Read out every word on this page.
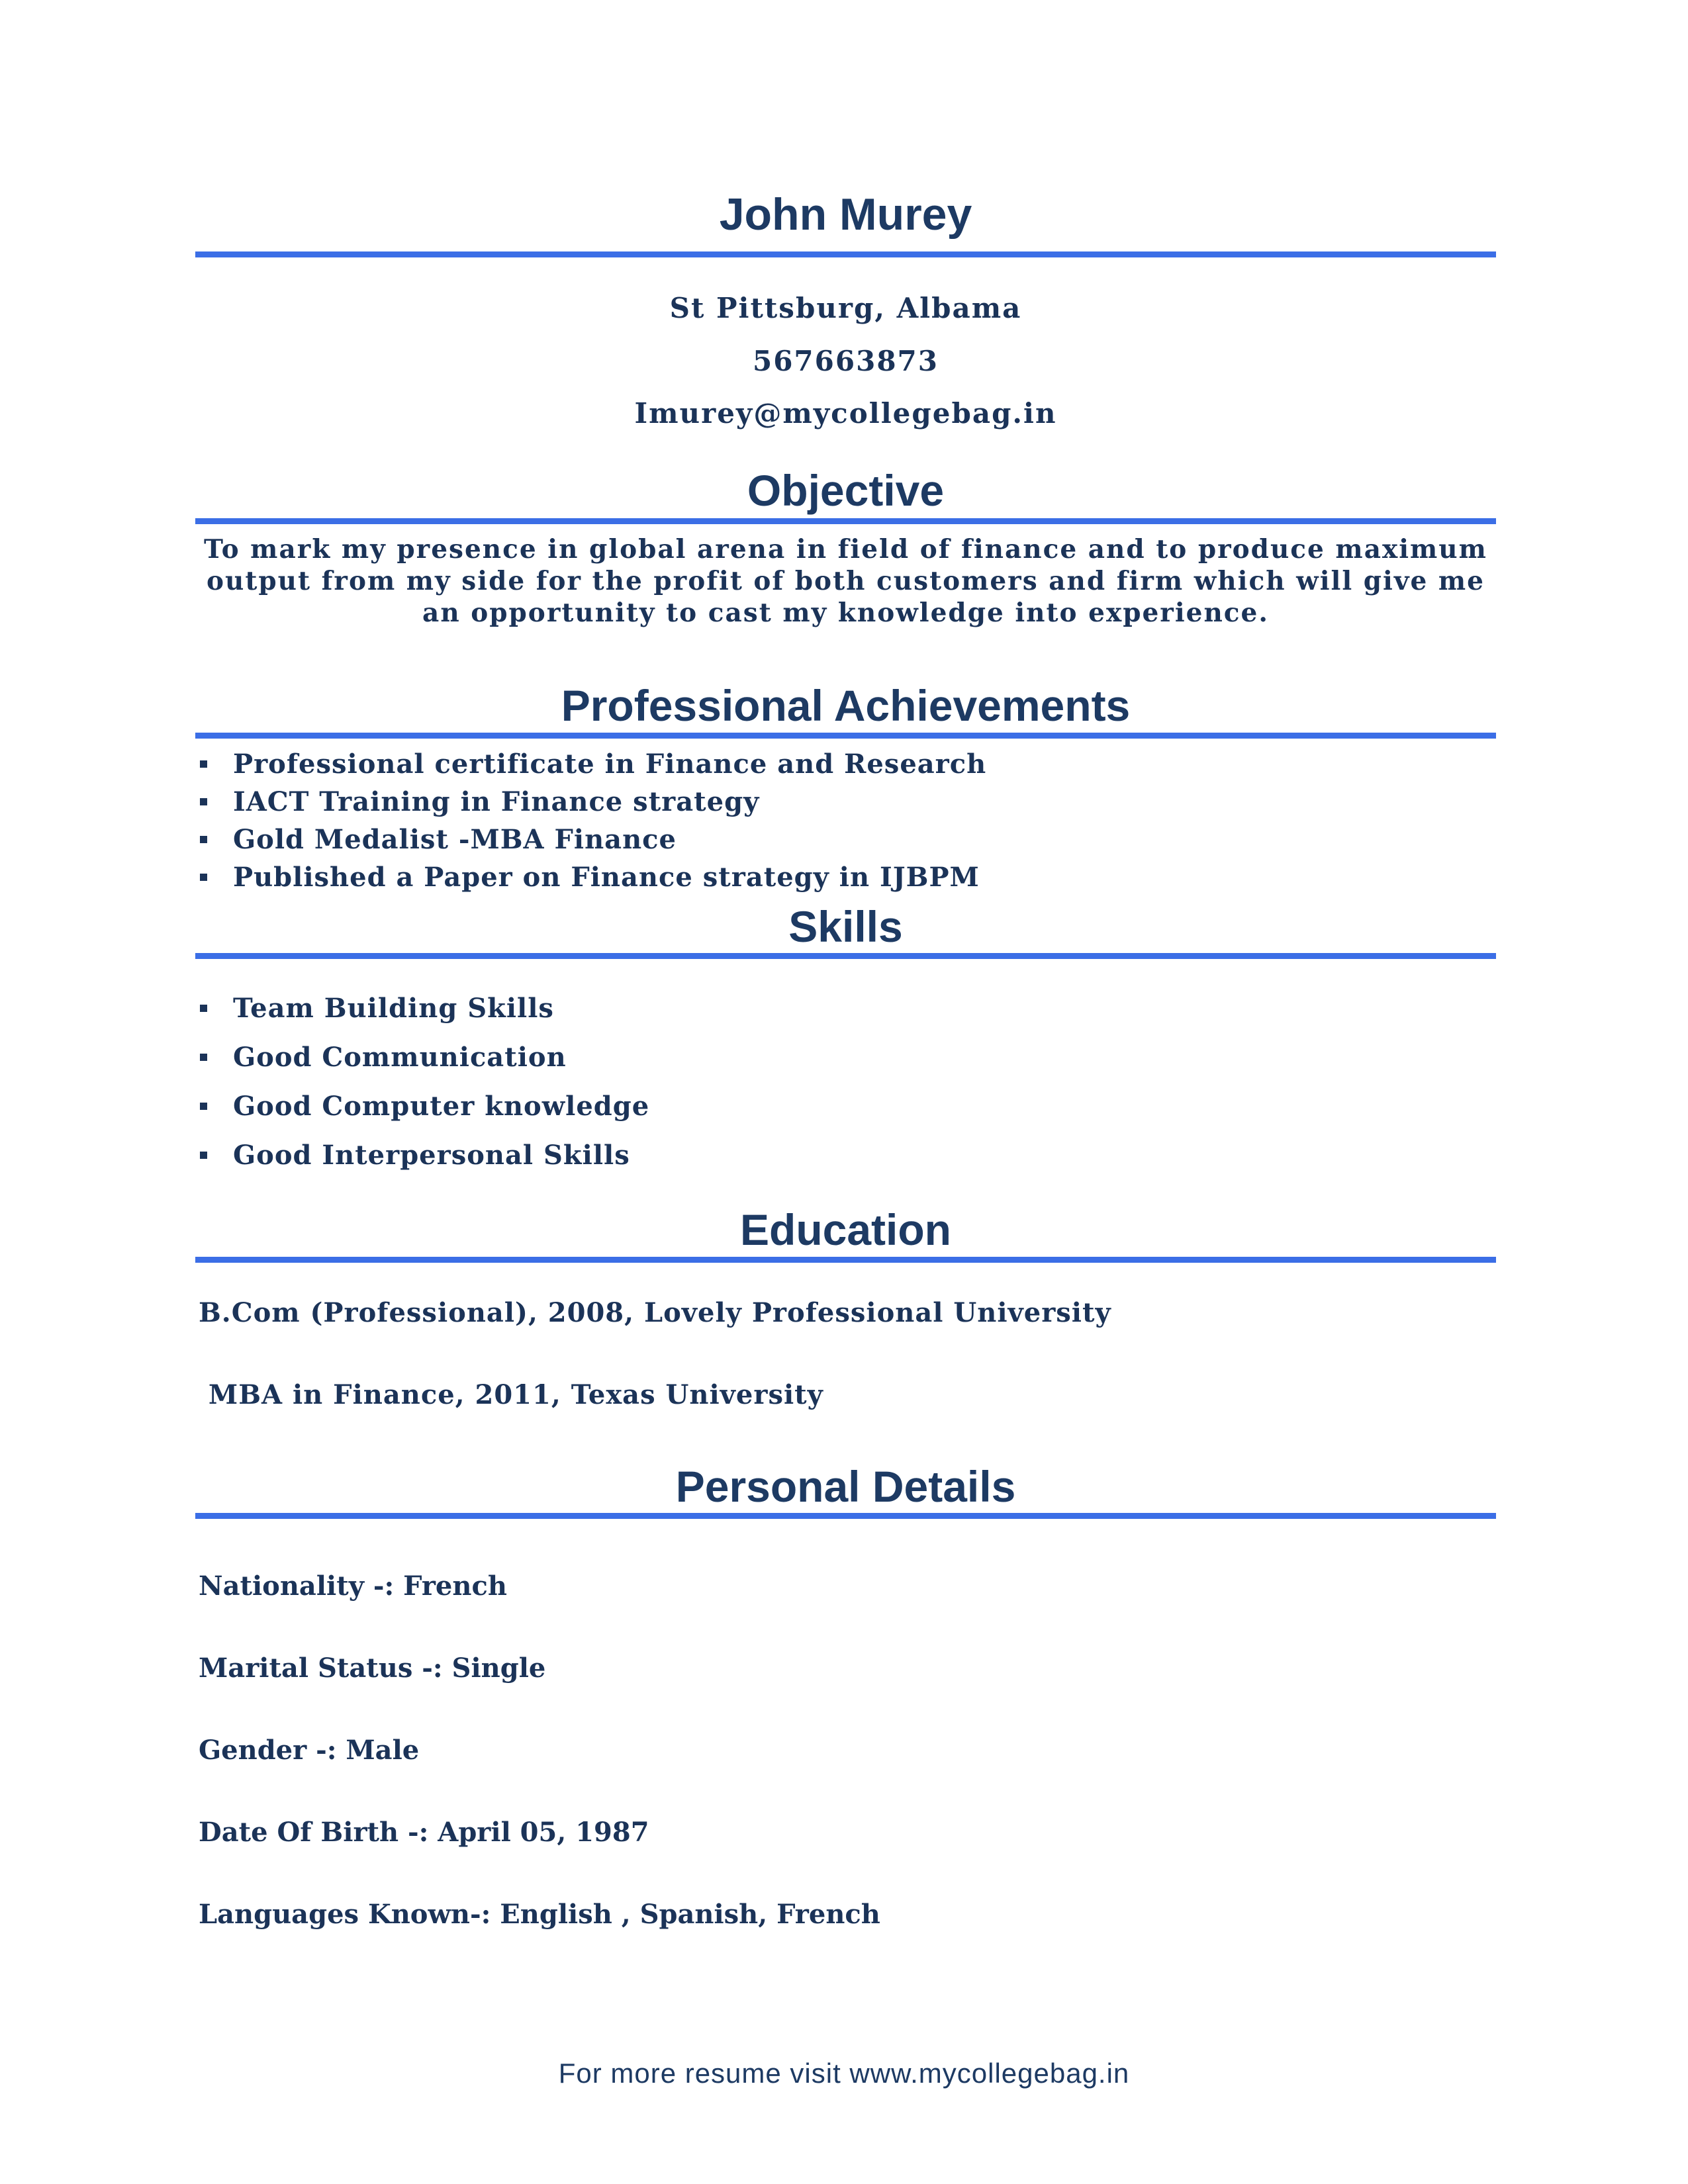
John Murey
St Pittsburg, Albama
567663873
Imurey@mycollegebag.in
Objective

To mark my presence in global arena in field of finance and to produce maximum output from my side for the profit of both customers and firm which will give me an opportunity to cast my knowledge into experience.

Professional Achievements
Professional certificate in Finance and Research
IACT Training in Finance strategy
Gold Medalist -MBA Finance
Published a Paper on Finance strategy in IJBPM
Skills
Team Building Skills
Good Communication
Good Computer knowledge
Good Interpersonal Skills
Education
B.Com (Professional), 2008, Lovely Professional University
MBA in Finance, 2011, Texas University
Personal Details
Nationality -: French
Marital Status -: Single
Gender -: Male
Date Of Birth -: April 05, 1987
Languages Known-: English , Spanish, French
For more resume visit www.mycollegebag.in
